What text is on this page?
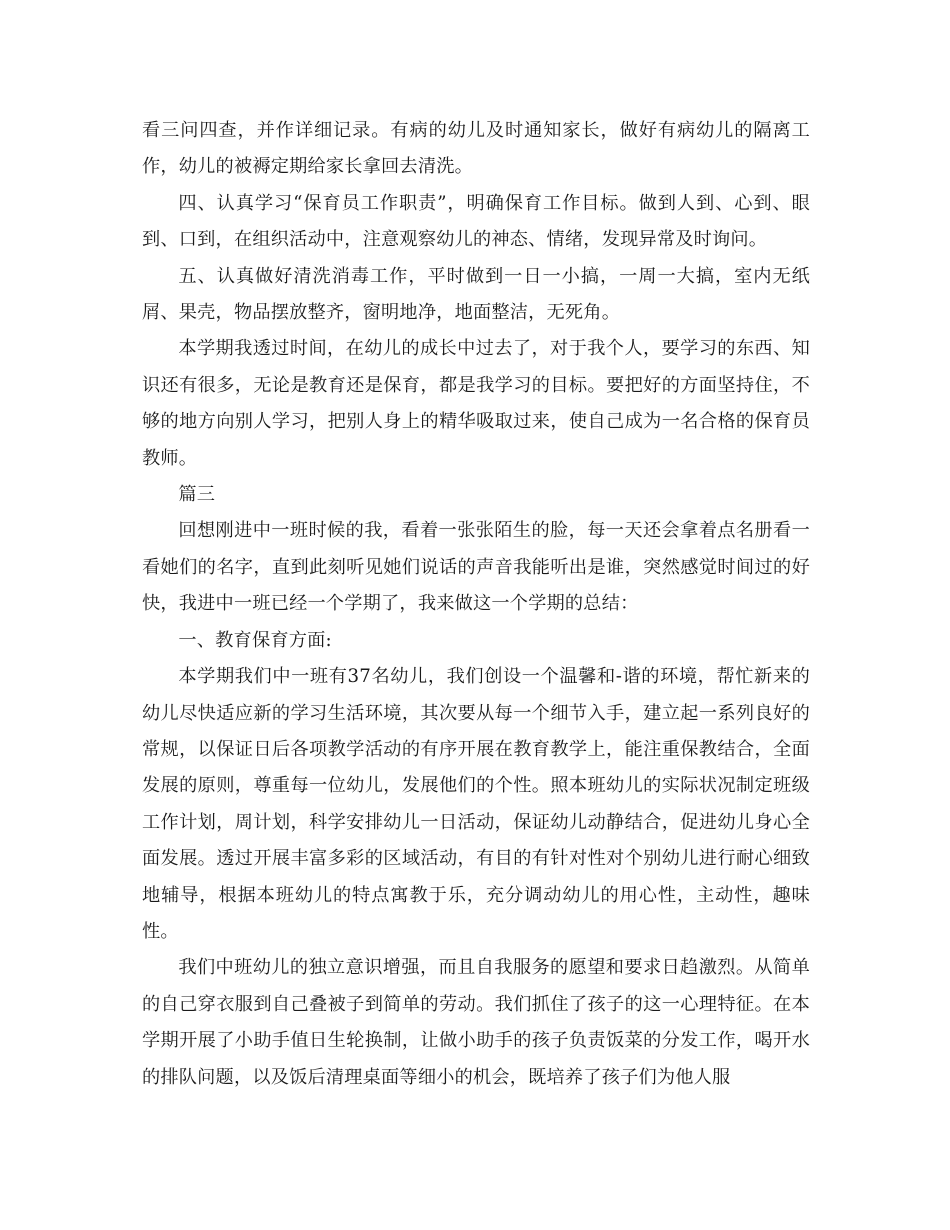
看三问四查，并作详细记录。有病的幼儿及时通知家长，做好有病幼儿的隔离工作，幼儿的被褥定期给家长拿回去清洗。

四、认真学习“保育员工作职责”，明确保育工作目标。做到人到、心到、眼到、口到，在组织活动中，注意观察幼儿的神态、情绪，发现异常及时询问。

五、认真做好清洗消毒工作，平时做到一日一小搞，一周一大搞，室内无纸屑、果壳，物品摆放整齐，窗明地净，地面整洁，无死角。

本学期我透过时间，在幼儿的成长中过去了，对于我个人，要学习的东西、知识还有很多，无论是教育还是保育，都是我学习的目标。要把好的方面坚持住，不够的地方向别人学习，把别人身上的精华吸取过来，使自己成为一名合格的保育员教师。

篇三

回想刚进中一班时候的我，看着一张张陌生的脸，每一天还会拿着点名册看一看她们的名字，直到此刻听见她们说话的声音我能听出是谁，突然感觉时间过的好快，我进中一班已经一个学期了，我来做这一个学期的总结：

一、教育保育方面:

本学期我们中一班有37名幼儿，我们创设一个温馨和-谐的环境，帮忙新来的幼儿尽快适应新的学习生活环境，其次要从每一个细节入手，建立起一系列良好的常规，以保证日后各项教学活动的有序开展在教育教学上，能注重保教结合，全面发展的原则，尊重每一位幼儿，发展他们的个性。照本班幼儿的实际状况制定班级工作计划，周计划，科学安排幼儿一日活动，保证幼儿动静结合，促进幼儿身心全面发展。透过开展丰富多彩的区域活动，有目的有针对性对个别幼儿进行耐心细致地辅导，根据本班幼儿的特点寓教于乐，充分调动幼儿的用心性，主动性，趣味性。

我们中班幼儿的独立意识增强，而且自我服务的愿望和要求日趋激烈。从简单的自己穿衣服到自己叠被子到简单的劳动。我们抓住了孩子的这一心理特征。在本学期开展了小助手值日生轮换制，让做小助手的孩子负责饭菜的分发工作，喝开水的排队问题，以及饭后清理桌面等细小的机会，既培养了孩子们为他人服
